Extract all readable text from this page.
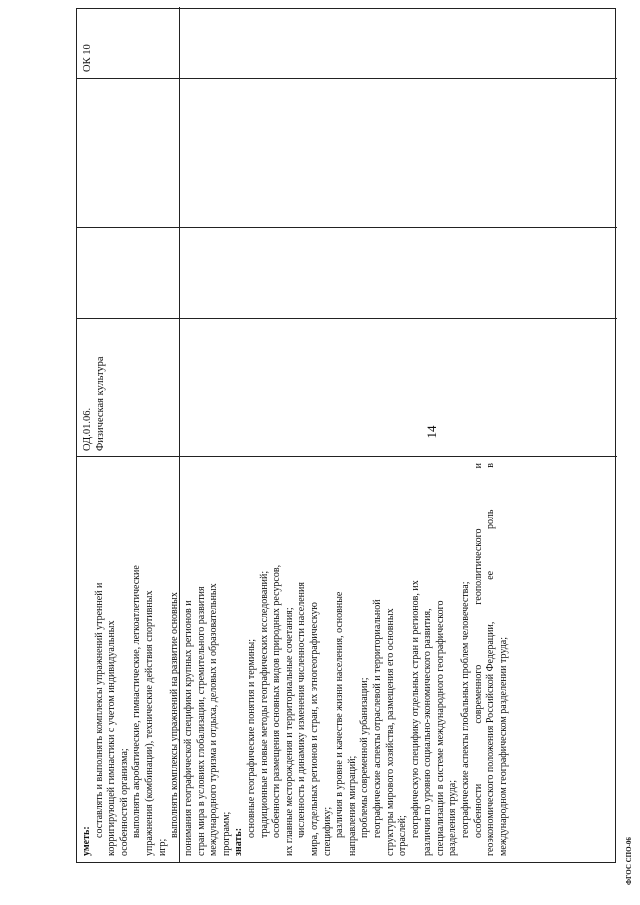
14
ФГОС СПО-06
понимания географической специфики крупных регионов и стран мира в условиях глобализации, стремительного развития международного туризма и отдыха, деловых и образовательных программ; знать:
основные географические понятия и термины; традиционные и новые методы географических исследований; особенности размещения основных видов природных ресурсов, их главные месторождения и территориальные сочетания; численность и динамику изменения численности населения мира, отдельных регионов и стран, их этногеографическую специфику; различия в уровне и качестве жизни населения, основные направления миграций; проблемы современной урбанизации; географические аспекты отраслевой и территориальной структуры мирового хозяйства, размещения его основных отраслей; географическую специфику отдельных стран и регионов, их различия по уровню социально-экономического развития, специализации в системе международного географического разделения труда; географические аспекты глобальных проблем человечества; особенности
современного
геополитического
и
геоэкономического положения Российской Федерации,
ее
роль
в
международном географическом разделении труда;
уметь:
составлять и выполнять комплексы упражнений утренней и корригирующей гимнастики с учетом индивидуальных особенностей организма; выполнять акробатические, гимнастические, легкоатлетические упражнения (комбинации), технические действия спортивных игр;
выполнять комплексы упражнений на развитие основных
ОД.01.06. Физическая культура
ОК 10
